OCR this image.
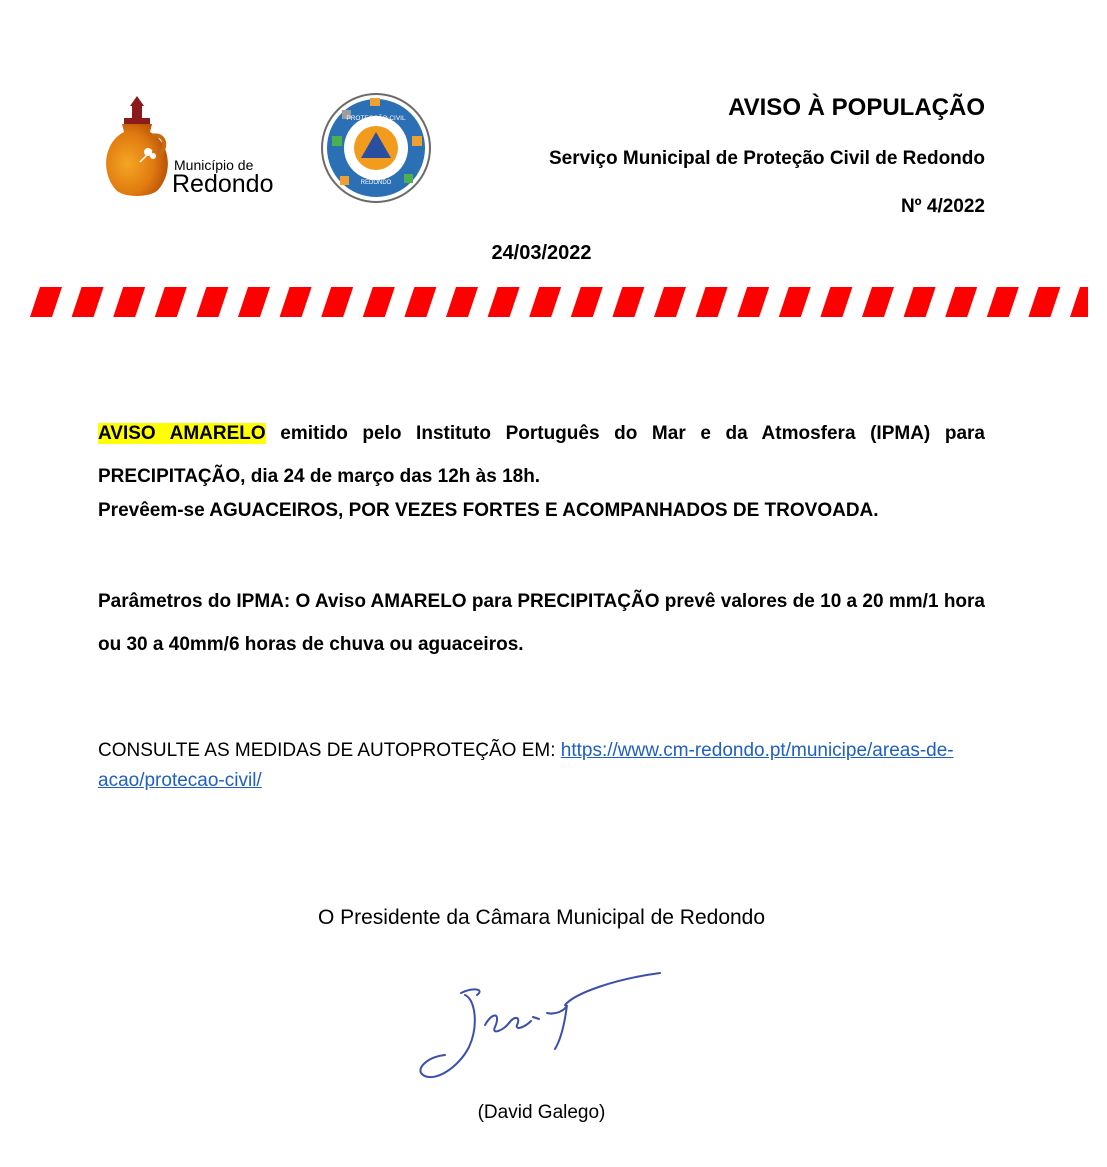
Município de
Redondo
PROTECÇÃO CIVIL
REDONDO
AVISO À POPULAÇÃO
Serviço Municipal de Proteção Civil de Redondo
Nº 4/2022
24/03/2022
AVISO AMARELO emitido pelo Instituto Português do Mar e da Atmosfera (IPMA) para PRECIPITAÇÃO, dia 24 de março das 12h às 18h.
Prevêem-se AGUACEIROS, POR VEZES FORTES E ACOMPANHADOS DE TROVOADA.
Parâmetros do IPMA: O Aviso AMARELO para PRECIPITAÇÃO prevê valores de 10 a 20 mm/1 hora ou 30 a 40mm/6 horas de chuva ou aguaceiros.
CONSULTE AS MEDIDAS DE AUTOPROTEÇÃO EM: https://www.cm-redondo.pt/municipe/areas-de-acao/protecao-civil/
O Presidente da Câmara Municipal de Redondo
(David Galego)
